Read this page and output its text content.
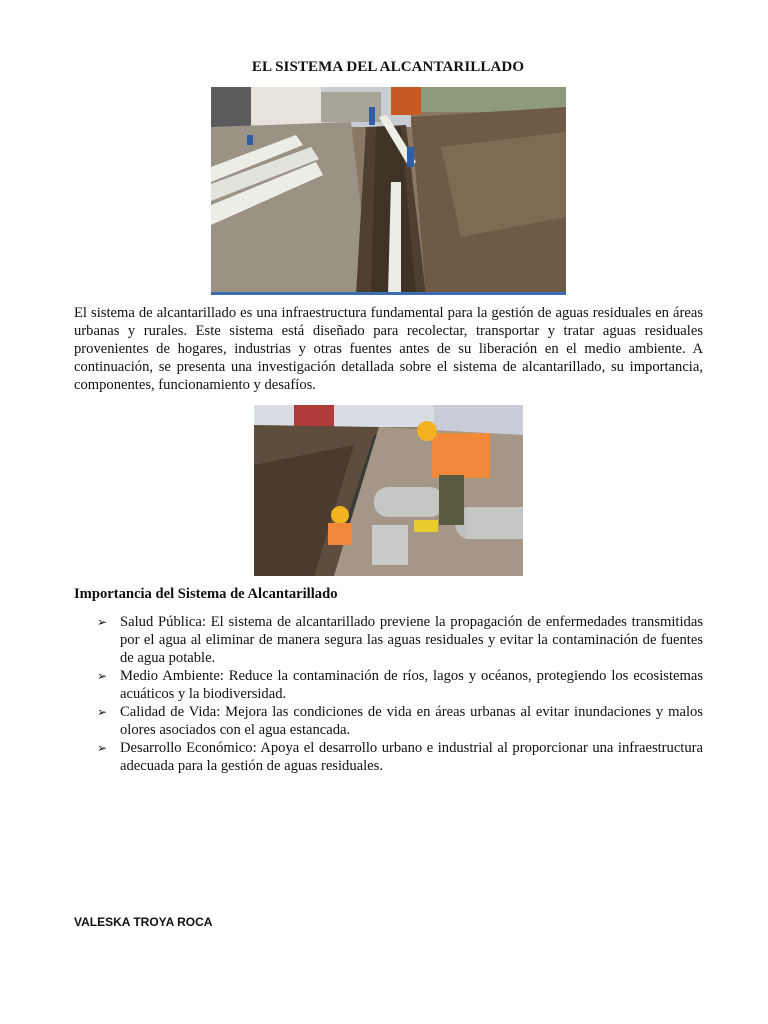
EL SISTEMA DEL ALCANTARILLADO

El sistema de alcantarillado es una infraestructura fundamental para la gestión de aguas residuales en áreas urbanas y rurales. Este sistema está diseñado para recolectar, transportar y tratar aguas residuales provenientes de hogares, industrias y otras fuentes antes de su liberación en el medio ambiente. A continuación, se presenta una investigación detallada sobre el sistema de alcantarillado, su importancia, componentes, funcionamiento y desafíos.

Importancia del Sistema de Alcantarillado
➢ Salud Pública: El sistema de alcantarillado previene la propagación de enfermedades transmitidas por el agua al eliminar de manera segura las aguas residuales y evitar la contaminación de fuentes de agua potable.
➢ Medio Ambiente: Reduce la contaminación de ríos, lagos y océanos, protegiendo los ecosistemas acuáticos y la biodiversidad.
➢ Calidad de Vida: Mejora las condiciones de vida en áreas urbanas al evitar inundaciones y malos olores asociados con el agua estancada.
➢ Desarrollo Económico: Apoya el desarrollo urbano e industrial al proporcionar una infraestructura adecuada para la gestión de aguas residuales.
VALESKA TROYA ROCA
